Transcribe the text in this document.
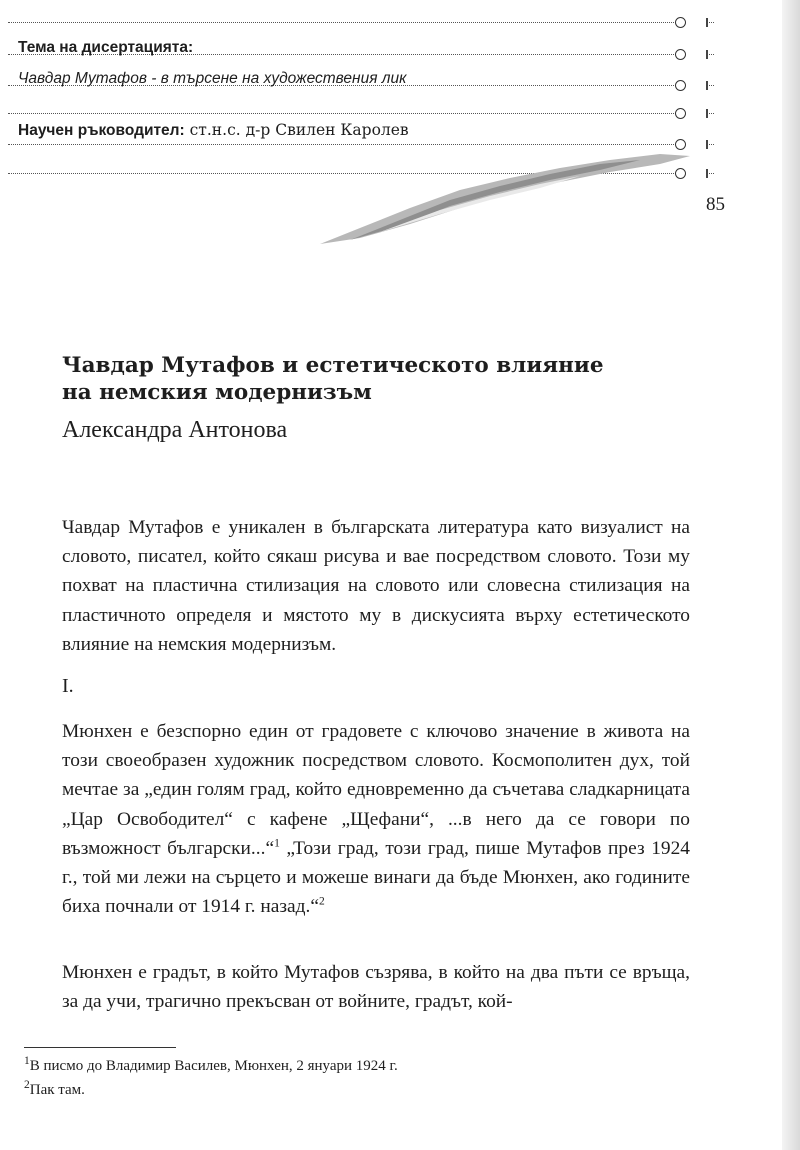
Тема на дисертацията:
Чавдар Мутафов - в търсене на художествения лик
Научен ръководител: ст.н.с. д-р Свилен Каролев
85
Чавдар Мутафов и естетическото влияние
на немския модернизъм
Александра Антонова

Чавдар Мутафов е уникален в българската литература като визуалист на словото, писател, който сякаш рисува и вае посредством словото. Този му похват на пластична стилизация на словото или словесна стилизация на пластичното определя и мястото му в дискусията върху естетическото влияние на немския модернизъм.

I.

Мюнхен е безспорно един от градовете с ключово значение в живота на този своеобразен художник посредством словото. Космополитен дух, той мечтае за „един голям град, който едновременно да съчетава сладкарницата „Цар Освободител“ с кафене „Щефани“, ...в него да се говори по възможност български...“$^1$ „Този град, този град, пише Мутафов през 1924 г., той ми лежи на сърцето и можеше винаги да бъде Мюнхен, ако годините биха почнали от 1914 г. назад.“$^2$

Мюнхен е градът, в който Мутафов съзрява, в който на два пъти се връща, за да учи, трагично прекъсван от войните, градът, кой-

$^1$В писмо до Владимир Василев, Мюнхен, 2 януари 1924 г.
$^2$Пак там.
